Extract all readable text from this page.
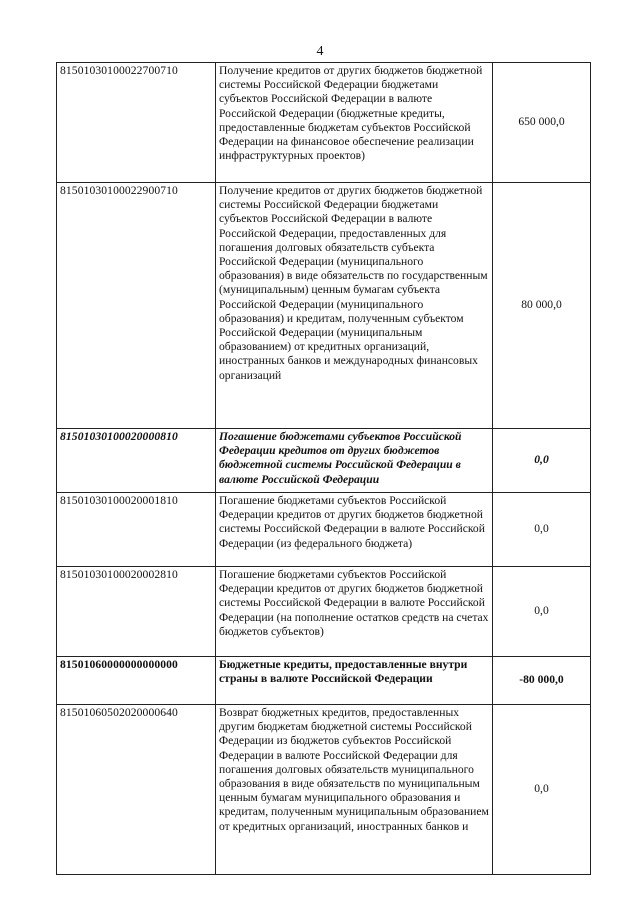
4
81501030100022700710	Получение кредитов от других бюджетов бюджетной системы Российской Федерации бюджетами субъектов Российской Федерации в валюте Российской Федерации (бюджетные кредиты, предоставленные бюджетам субъектов Российской Федерации на финансовое обеспечение реализации инфраструктурных проектов)	650 000,0
81501030100022900710	Получение кредитов от других бюджетов бюджетной системы Российской Федерации бюджетами субъектов Российской Федерации в валюте Российской Федерации, предоставленных для погашения долговых обязательств субъекта Российской Федерации (муниципального образования) в виде обязательств по государственным (муниципальным) ценным бумагам субъекта Российской Федерации (муниципального образования) и кредитам, полученным субъектом Российской Федерации (муниципальным образованием) от кредитных организаций, иностранных банков и международных финансовых организаций	80 000,0
81501030100020000810	Погашение бюджетами субъектов Российской Федерации кредитов от других бюджетов бюджетной системы Российской Федерации в валюте Российской Федерации	0,0
81501030100020001810	Погашение бюджетами субъектов Российской Федерации кредитов от других бюджетов бюджетной системы Российской Федерации в валюте Российской Федерации (из федерального бюджета)	0,0
81501030100020002810	Погашение бюджетами субъектов Российской Федерации кредитов от других бюджетов бюджетной системы Российской Федерации в валюте Российской Федерации (на пополнение остатков средств на счетах бюджетов субъектов)	0,0
81501060000000000000	Бюджетные кредиты, предоставленные внутри страны в валюте Российской Федерации	-80 000,0
81501060502020000640	Возврат бюджетных кредитов, предоставленных другим бюджетам бюджетной системы Российской Федерации из бюджетов субъектов Российской Федерации в валюте Российской Федерации для погашения долговых обязательств муниципального образования в виде обязательств по муниципальным ценным бумагам муниципального образования и кредитам, полученным муниципальным образованием от кредитных организаций, иностранных банков и	0,0
